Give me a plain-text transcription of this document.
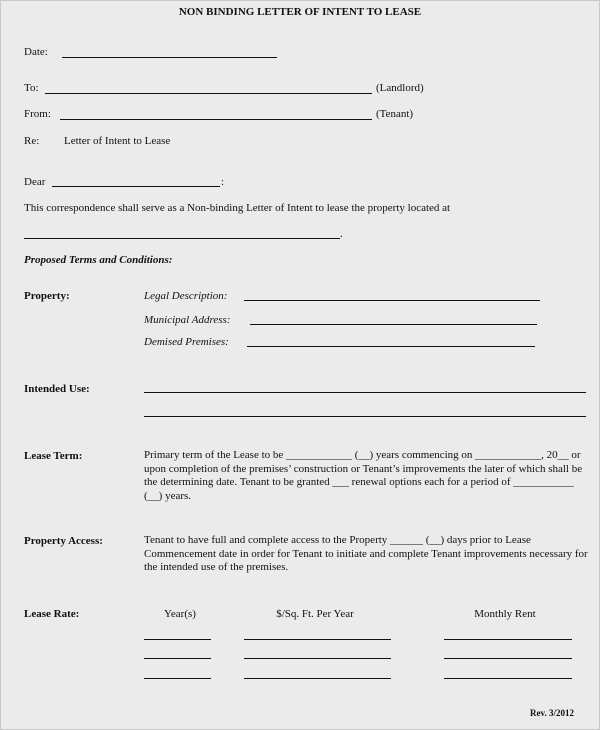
NON BINDING LETTER OF INTENT TO LEASE
Date:
To:	(Landlord)
From:	(Tenant)
Re: Letter of Intent to Lease
Dear	:
This correspondence shall serve as a Non-binding Letter of Intent to lease the property located at
.
Proposed Terms and Conditions:
Property:	Legal Description:
Municipal Address:
Demised Premises:
Intended Use:
Lease Term:	Primary term of the Lease to be ____________ (__) years commencing on ____________, 20__ or upon completion of the premises’ construction or Tenant’s improvements the later of which shall be the determining date. Tenant to be granted ___ renewal options each for a period of ___________ (__) years.
Property Access:	Tenant to have full and complete access to the Property ______ (__) days prior to Lease Commencement date in order for Tenant to initiate and complete Tenant improvements necessary for the intended use of the premises.
Lease Rate:	Year(s)	$/Sq. Ft. Per Year	Monthly Rent
Rev. 3/2012
